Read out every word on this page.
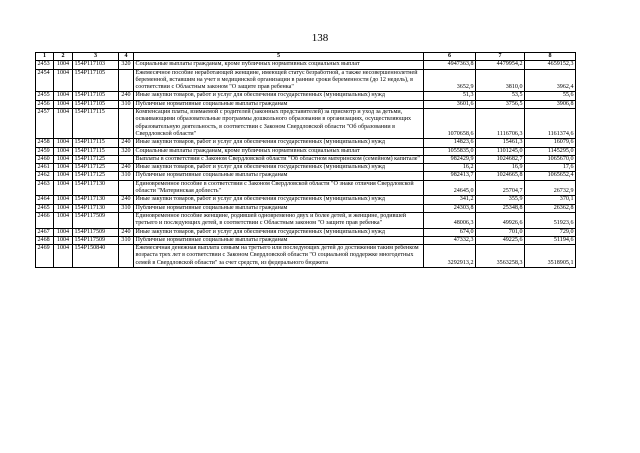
138
1	2	3	4	5	6	7	8
2453	1004	154P117103	320	Социальные выплаты гражданам, кроме публичных нормативных социальных выплат	4947363,8	4479954,2	4659152,3
2454	1004	154P117105		Ежемесячное пособие неработающей женщине, имеющей статус безработной, а также несовершеннолетней беременной, вставшим на учет в медицинской организации в ранние сроки беременности (до 12 недель), в соответствии с Областным законом "О защите прав ребенка"	3652,9	3810,0	3962,4
2455	1004	154P117105	240	Иные закупки товаров, работ и услуг для обеспечения государственных (муниципальных) нужд	51,3	53,5	55,6
2456	1004	154P117105	310	Публичные нормативные социальные выплаты гражданам	3601,6	3756,5	3906,8
2457	1004	154P117115		Компенсация платы, взимаемой с родителей (законных представителей) за присмотр и уход за детьми, осваивающими образовательные программы дошкольного образования в организациях, осуществляющих образовательную деятельность, в соответствии с Законом Свердловской области "Об образовании в Свердловской области"	1070658,6	1116706,3	1161374,6
2458	1004	154P117115	240	Иные закупки товаров, работ и услуг для обеспечения государственных (муниципальных) нужд	14823,6	15461,3	16079,6
2459	1004	154P117115	320	Социальные выплаты гражданам, кроме публичных нормативных социальных выплат	1055835,0	1101245,0	1145295,0
2460	1004	154P117125		Выплаты в соответствии с Законом Свердловской области "Об областном материнском (семейном) капитале"	982429,9	1024682,7	1065670,0
2461	1004	154P117125	240	Иные закупки товаров, работ и услуг для обеспечения государственных (муниципальных) нужд	16,2	16,9	17,6
2462	1004	154P117125	310	Публичные нормативные социальные выплаты гражданам	982413,7	1024665,8	1065652,4
2463	1004	154P117130		Единовременное пособие в соответствии с Законом Свердловской области "О знаке отличия Свердловской области "Материнская доблесть"	24645,0	25704,7	26732,9
2464	1004	154P117130	240	Иные закупки товаров, работ и услуг для обеспечения государственных (муниципальных) нужд	341,2	355,9	370,1
2465	1004	154P117130	310	Публичные нормативные социальные выплаты гражданам	24303,8	25348,8	26362,8
2466	1004	154P117509		Единовременное пособие женщине, родившей одновременно двух и более детей, и женщине, родившей третьего и последующих детей, в соответствии с Областным законом "О защите прав ребенка"	48006,3	49926,6	51923,6
2467	1004	154P117509	240	Иные закупки товаров, работ и услуг для обеспечения государственных (муниципальных) нужд	674,0	701,0	729,0
2468	1004	154P117509	310	Публичные нормативные социальные выплаты гражданам	47332,3	49225,6	51194,6
2469	1004	154P150840		Ежемесячная денежная выплата семьям на третьего или последующих детей до достижения таким ребенком возраста трех лет в соответствии с Законом Свердловской области "О социальной поддержке многодетных семей в Свердловской области" за счет средств, из федерального бюджета	3292913,2	3563258,3	3518905,1
